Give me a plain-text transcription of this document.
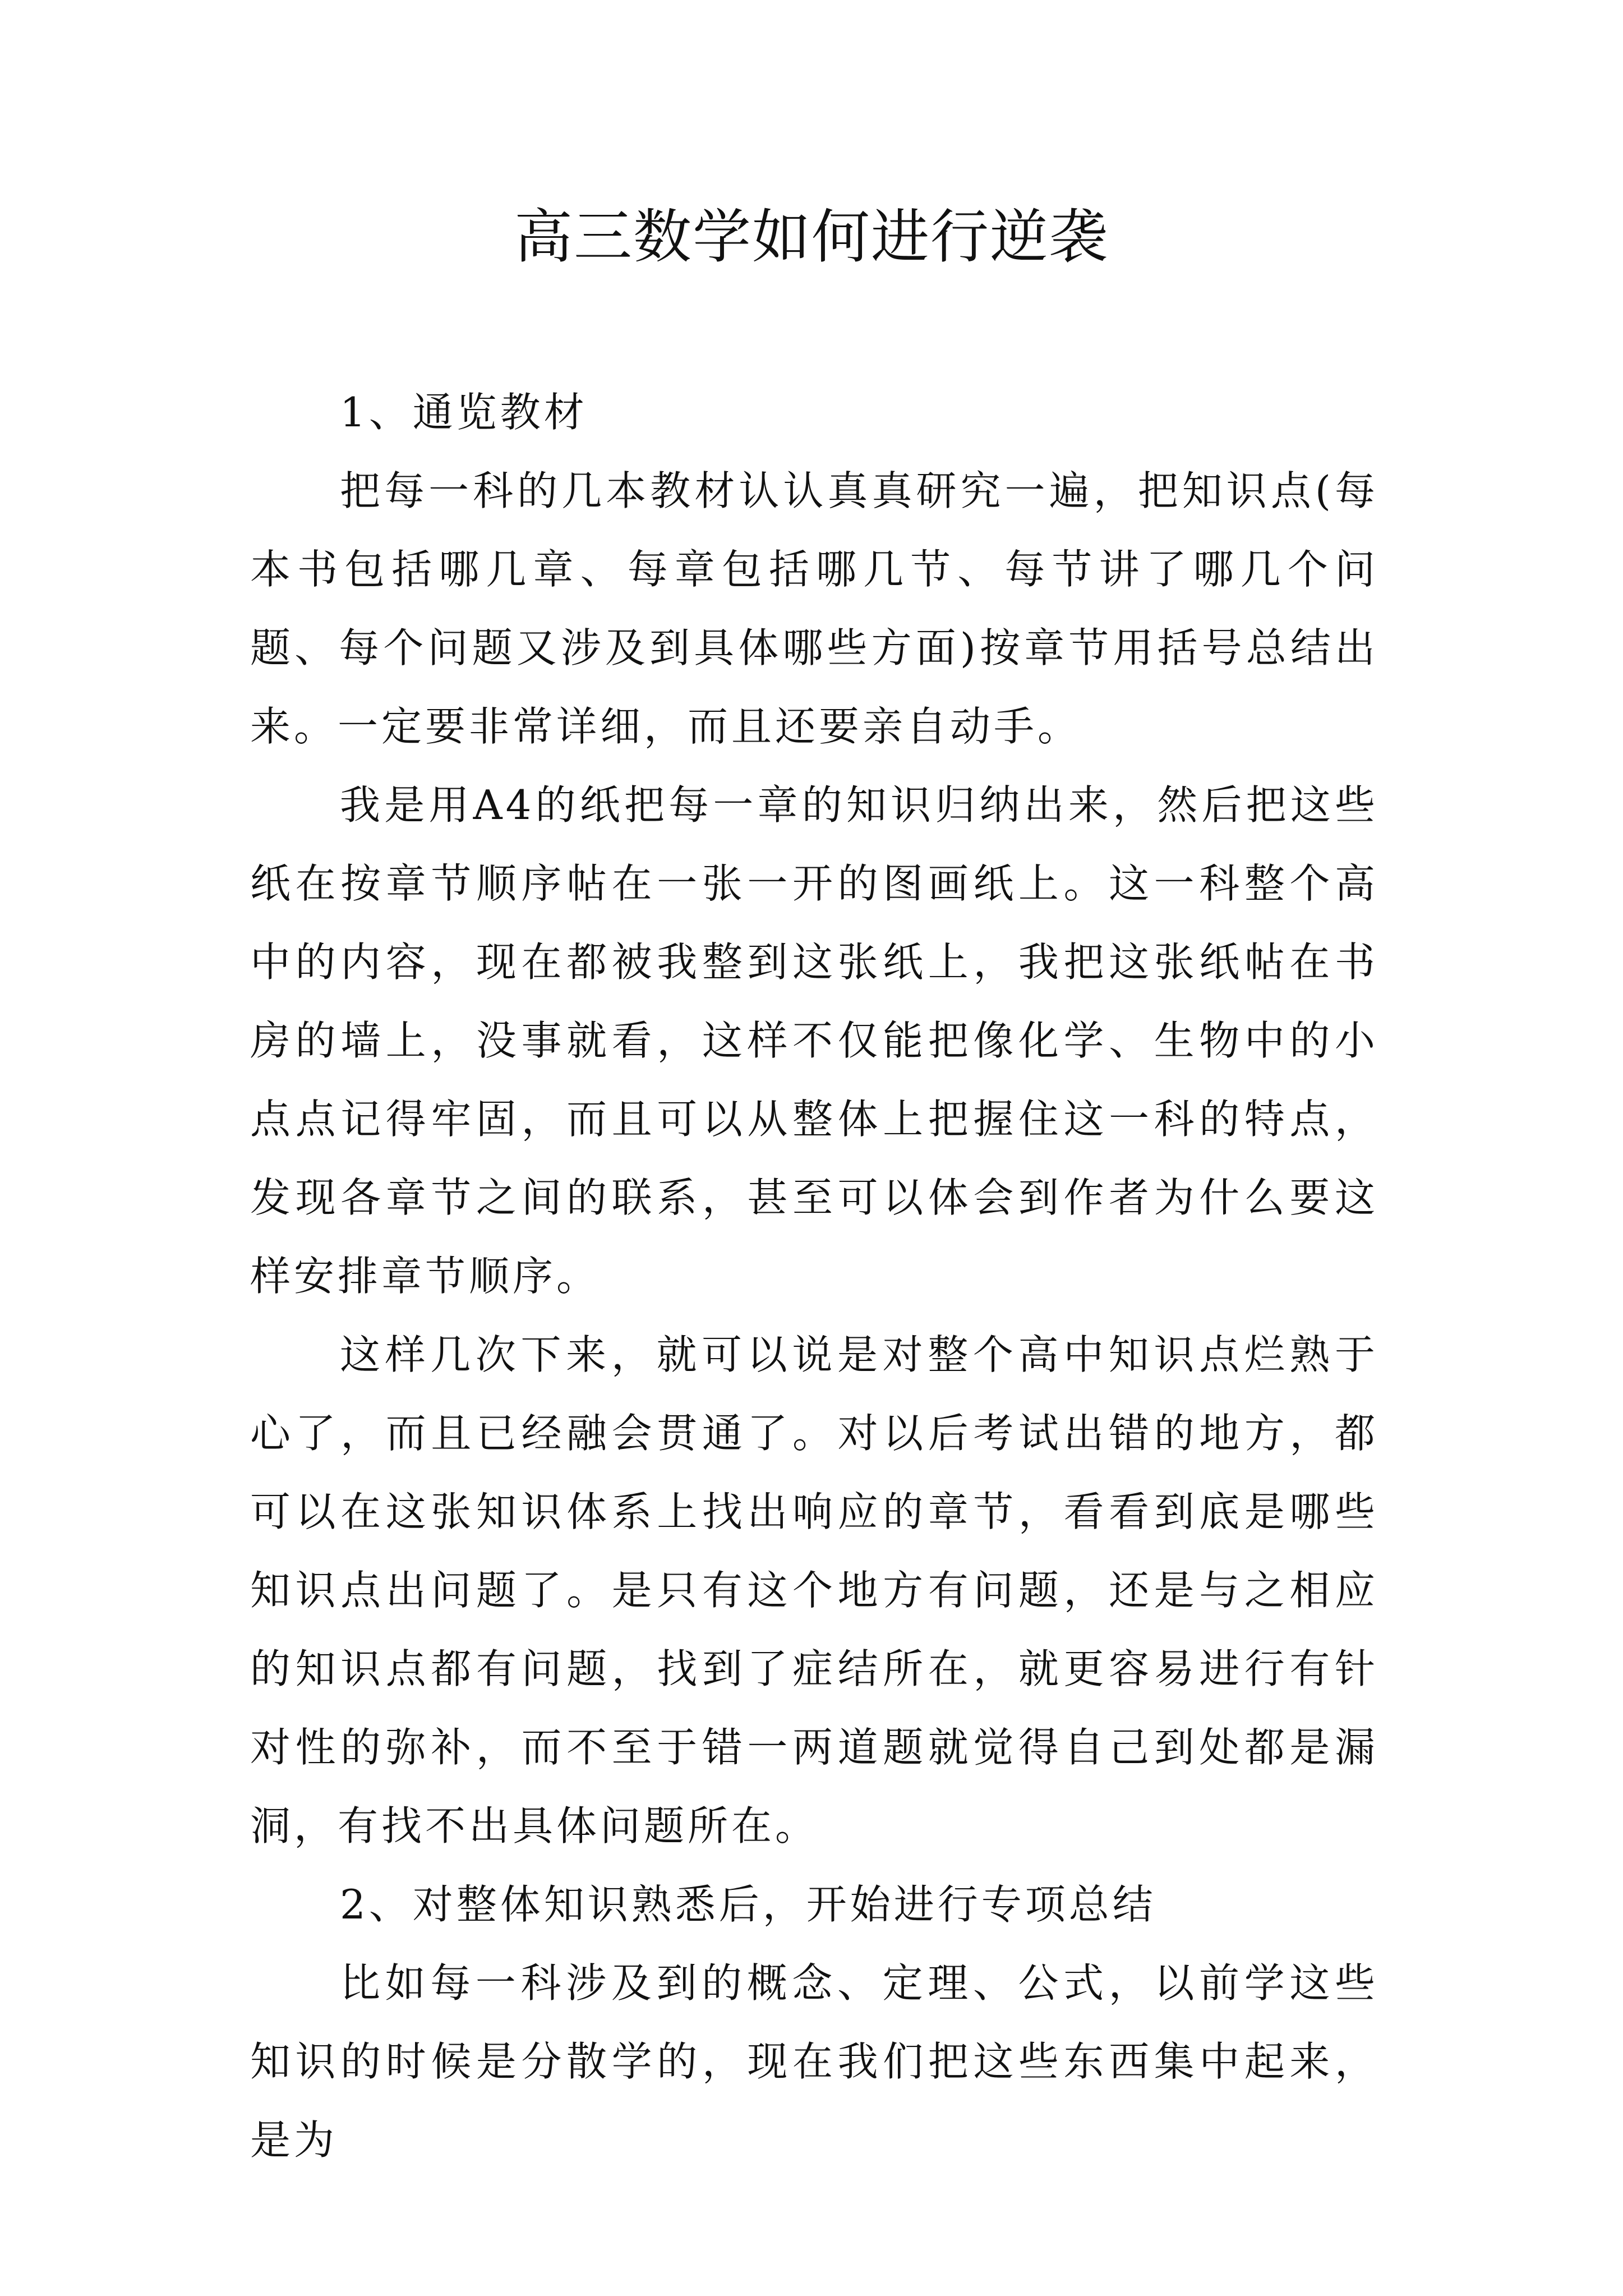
高三数学如何进行逆袭

1、通览教材

把每一科的几本教材认认真真研究一遍，把知识点(每本书包括哪几章、每章包括哪几节、每节讲了哪几个问题、每个问题又涉及到具体哪些方面)按章节用括号总结出来。一定要非常详细，而且还要亲自动手。

我是用A4的纸把每一章的知识归纳出来，然后把这些纸在按章节顺序帖在一张一开的图画纸上。这一科整个高中的内容，现在都被我整到这张纸上，我把这张纸帖在书房的墙上，没事就看，这样不仅能把像化学、生物中的小点点记得牢固，而且可以从整体上把握住这一科的特点，发现各章节之间的联系，甚至可以体会到作者为什么要这样安排章节顺序。

这样几次下来，就可以说是对整个高中知识点烂熟于心了，而且已经融会贯通了。对以后考试出错的地方，都可以在这张知识体系上找出响应的章节，看看到底是哪些知识点出问题了。是只有这个地方有问题，还是与之相应的知识点都有问题，找到了症结所在，就更容易进行有针对性的弥补，而不至于错一两道题就觉得自己到处都是漏洞，有找不出具体问题所在。

2、对整体知识熟悉后，开始进行专项总结

比如每一科涉及到的概念、定理、公式，以前学这些知识的时候是分散学的，现在我们把这些东西集中起来，是为
